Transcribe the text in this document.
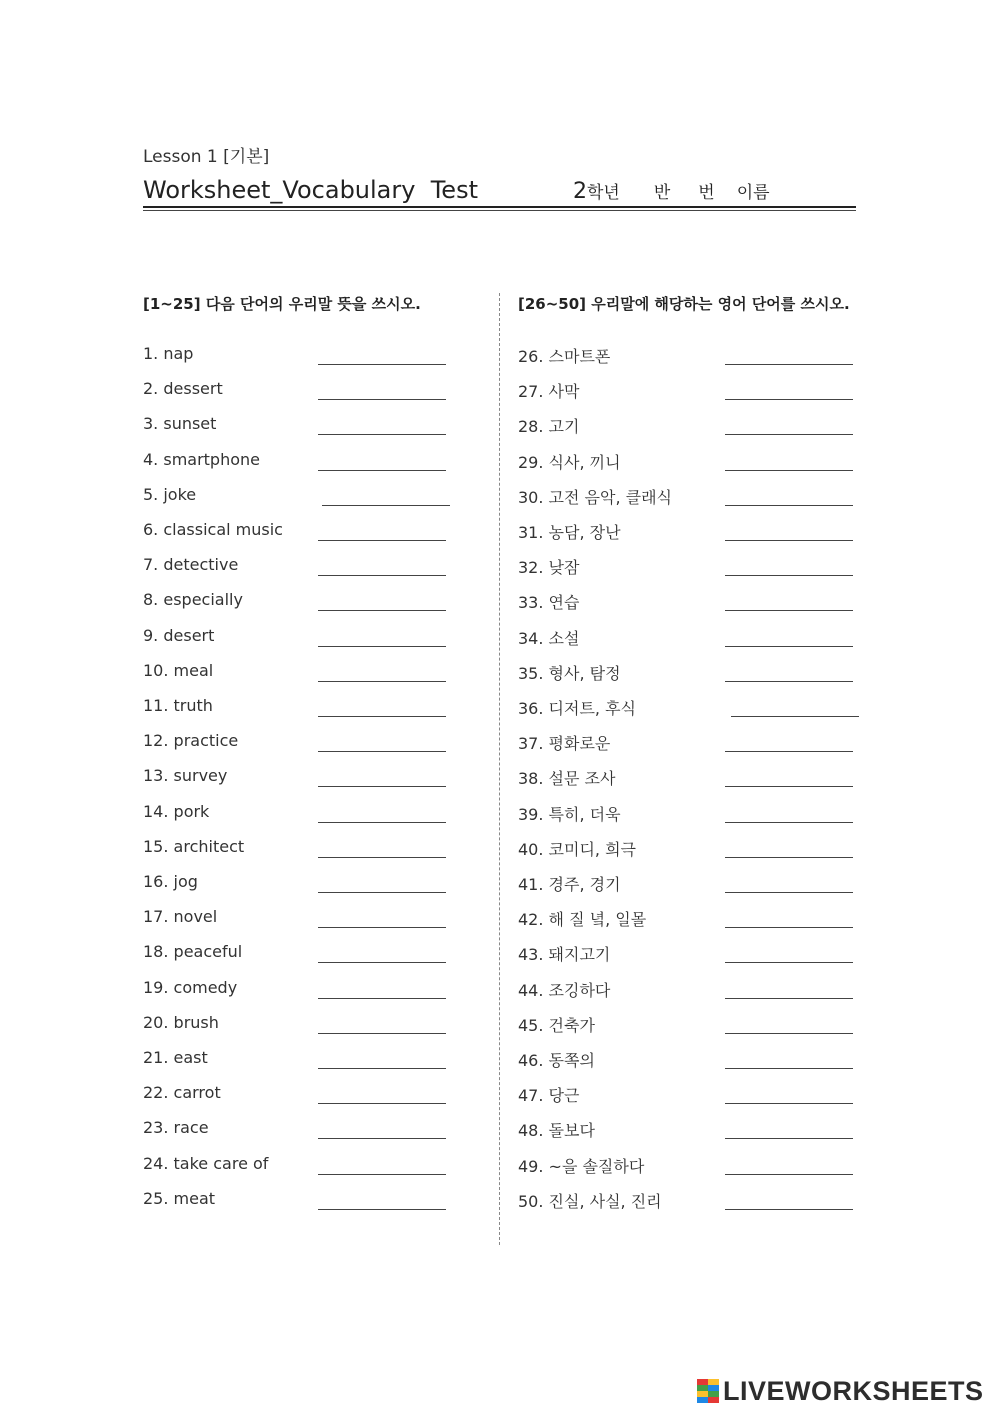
Lesson 1 [기본]
Worksheet_Vocabulary  Test	2학년 반 번 이름
[1~25] 다음 단어의 우리말 뜻을 쓰시오.	[26~50] 우리말에 해당하는 영어 단어를 쓰시오.
1. nap
2. dessert
3. sunset
4. smartphone
5. joke
6. classical music
7. detective
8. especially
9. desert
10. meal
11. truth
12. practice
13. survey
14. pork
15. architect
16. jog
17. novel
18. peaceful
19. comedy
20. brush
21. east
22. carrot
23. race
24. take care of
25. meat
26. 스마트폰
27. 사막
28. 고기
29. 식사, 끼니
30. 고전 음악, 클래식
31. 농담, 장난
32. 낮잠
33. 연습
34. 소설
35. 형사, 탐정
36. 디저트, 후식
37. 평화로운
38. 설문 조사
39. 특히, 더욱
40. 코미디, 희극
41. 경주, 경기
42. 해 질 녘, 일몰
43. 돼지고기
44. 조깅하다
45. 건축가
46. 동쪽의
47. 당근
48. 돌보다
49. ~을 솔질하다
50. 진실, 사실, 진리
LIVEWORKSHEETS
